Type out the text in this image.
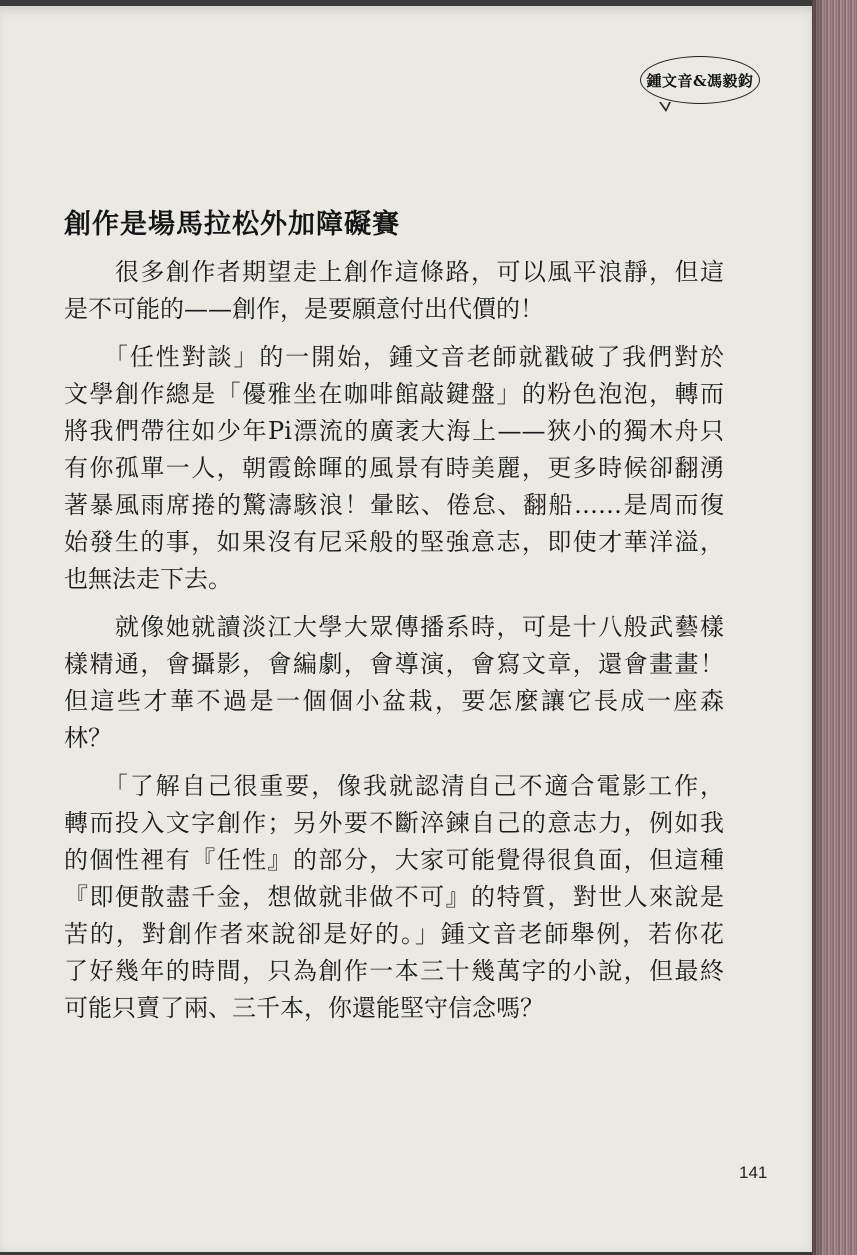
鍾文音&馮毅鈞
創作是場馬拉松外加障礙賽

　　很多創作者期望走上創作這條路，可以風平浪靜，但這
是不可能的——創作，是要願意付出代價的！

　　「任性對談」的一開始，鍾文音老師就戳破了我們對於
文學創作總是「優雅坐在咖啡館敲鍵盤」的粉色泡泡，轉而
將我們帶往如少年Pi漂流的廣袤大海上——狹小的獨木舟只
有你孤單一人，朝霞餘暉的風景有時美麗，更多時候卻翻湧
著暴風雨席捲的驚濤駭浪！暈眩、倦怠、翻船……是周而復
始發生的事，如果沒有尼采般的堅強意志，即使才華洋溢，
也無法走下去。

　　就像她就讀淡江大學大眾傳播系時，可是十八般武藝樣
樣精通，會攝影，會編劇，會導演，會寫文章，還會畫畫！
但這些才華不過是一個個小盆栽，要怎麼讓它長成一座森
林？

　　「了解自己很重要，像我就認清自己不適合電影工作，
轉而投入文字創作；另外要不斷淬鍊自己的意志力，例如我
的個性裡有『任性』的部分，大家可能覺得很負面，但這種
『即便散盡千金，想做就非做不可』的特質，對世人來說是
苦的，對創作者來說卻是好的。」鍾文音老師舉例，若你花
了好幾年的時間，只為創作一本三十幾萬字的小說，但最終
可能只賣了兩、三千本，你還能堅守信念嗎？

141
